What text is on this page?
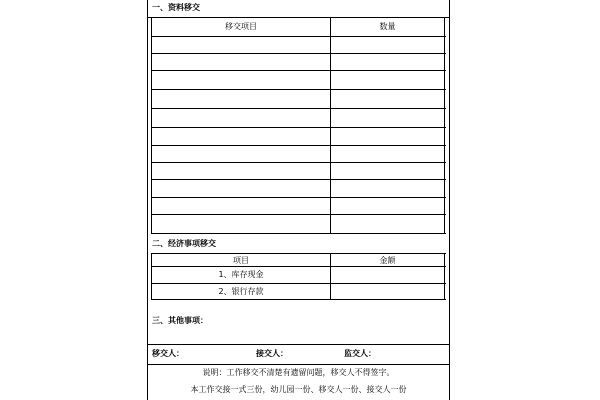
一、资料移交
移交项目	数量
二、经济事项移交
项目	金额
1、库存现金
2、银行存款
三、其他事项：
移交人：	接交人：	监交人：
说明：工作移交不清楚有遗留问题，移交人不得签字。
本工作交接一式三份，幼儿园一份、移交人一份、接交人一份
